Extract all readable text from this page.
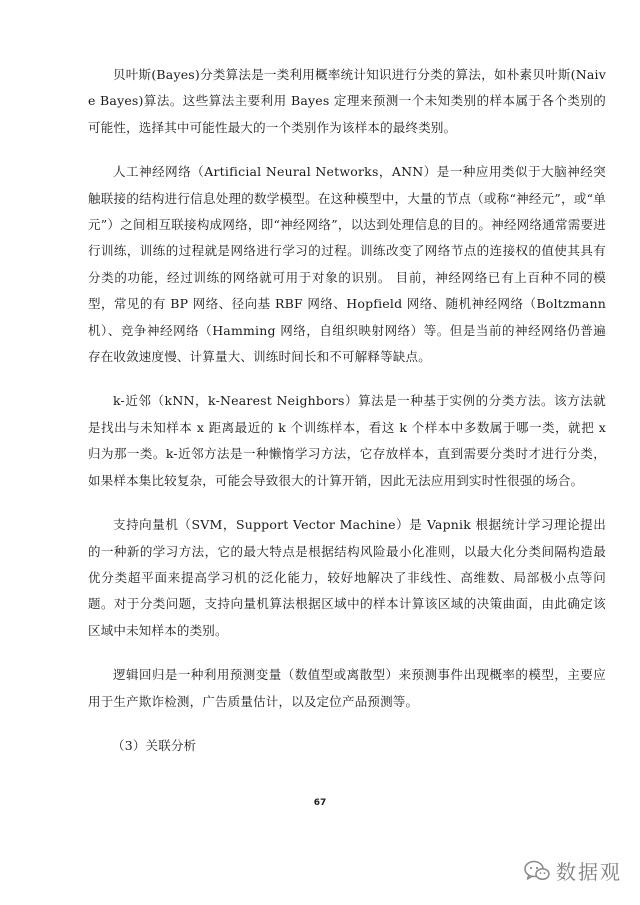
贝叶斯(Bayes)分类算法是一类利用概率统计知识进行分类的算法，如朴素贝叶斯(Naive Bayes)算法。这些算法主要利用 Bayes 定理来预测一个未知类别的样本属于各个类别的可能性，选择其中可能性最大的一个类别作为该样本的最终类别。

人工神经网络（Artificial Neural Networks，ANN）是一种应用类似于大脑神经突触联接的结构进行信息处理的数学模型。在这种模型中，大量的节点（或称“神经元”，或“单元”）之间相互联接构成网络，即“神经网络”，以达到处理信息的目的。神经网络通常需要进行训练，训练的过程就是网络进行学习的过程。训练改变了网络节点的连接权的值使其具有分类的功能，经过训练的网络就可用于对象的识别。 目前，神经网络已有上百种不同的模型，常见的有 BP 网络、径向基 RBF 网络、Hopfield 网络、随机神经网络（Boltzmann 机）、竞争神经网络（Hamming 网络，自组织映射网络）等。但是当前的神经网络仍普遍存在收敛速度慢、计算量大、训练时间长和不可解释等缺点。

k-近邻（kNN，k-Nearest Neighbors）算法是一种基于实例的分类方法。该方法就是找出与未知样本 x 距离最近的 k 个训练样本，看这 k 个样本中多数属于哪一类，就把 x 归为那一类。k-近邻方法是一种懒惰学习方法，它存放样本，直到需要分类时才进行分类，如果样本集比较复杂，可能会导致很大的计算开销，因此无法应用到实时性很强的场合。

支持向量机（SVM，Support Vector Machine）是 Vapnik 根据统计学习理论提出的一种新的学习方法，它的最大特点是根据结构风险最小化准则，以最大化分类间隔构造最优分类超平面来提高学习机的泛化能力，较好地解决了非线性、高维数、局部极小点等问题。对于分类问题，支持向量机算法根据区域中的样本计算该区域的决策曲面，由此确定该区域中未知样本的类别。

逻辑回归是一种利用预测变量（数值型或离散型）来预测事件出现概率的模型，主要应用于生产欺诈检测，广告质量估计，以及定位产品预测等。

（3）关联分析
67
数据观
